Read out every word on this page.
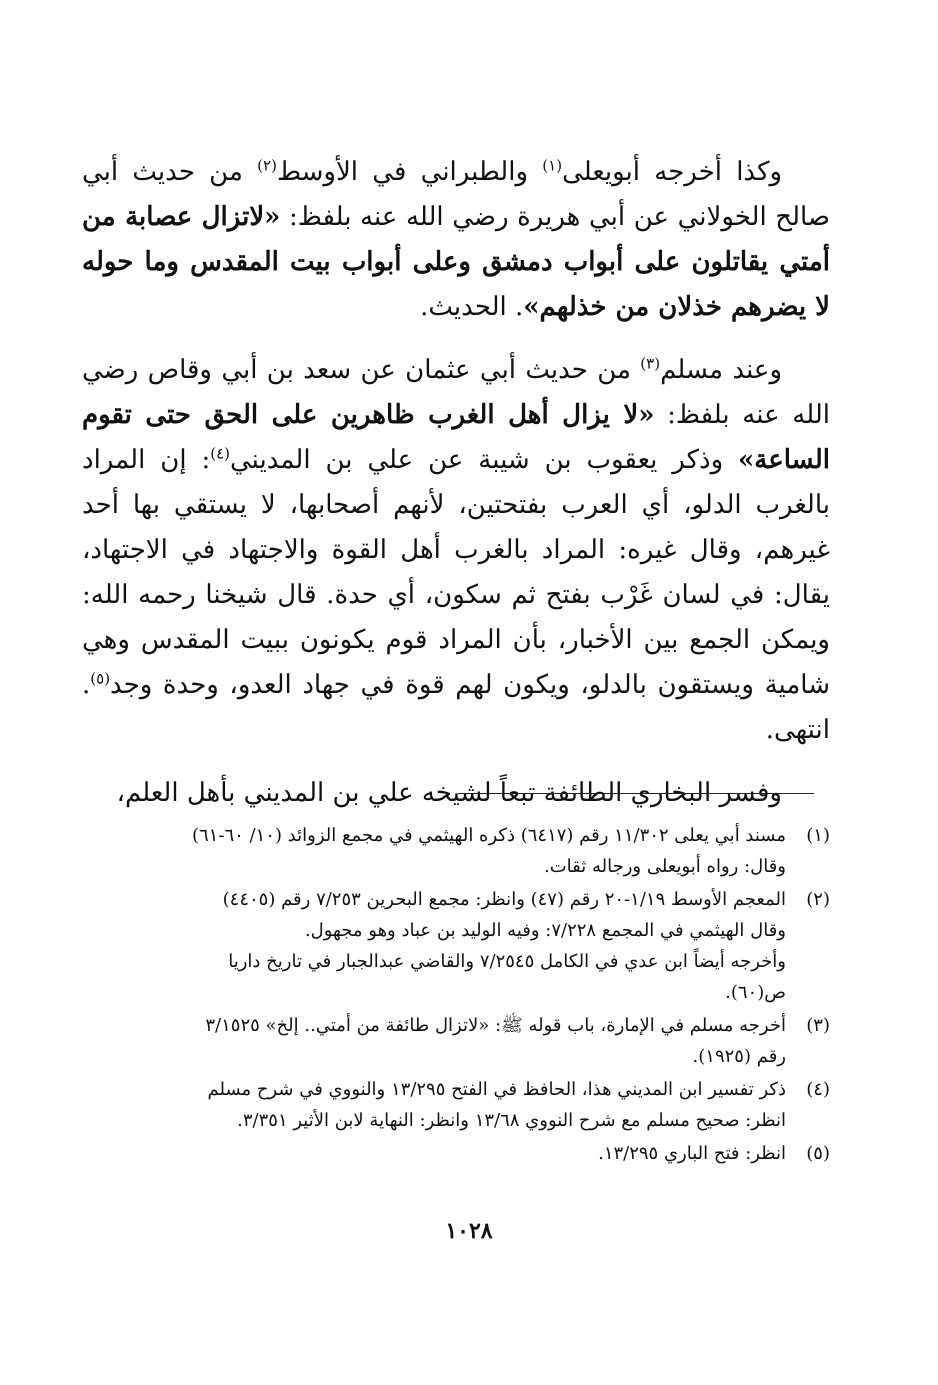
وكذا أخرجه أبويعلى$^{(١)}$ والطبراني في الأوسط$^{(٢)}$ من حديث أبي صالح الخولاني عن أبي هريرة رضي الله عنه بلفظ: «لاتزال عصابة من أمتي يقاتلون على أبواب دمشق وعلى أبواب بيت المقدس وما حوله لا يضرهم خذلان من خذلهم». الحديث.

وعند مسلم$^{(٣)}$ من حديث أبي عثمان عن سعد بن أبي وقاص رضي الله عنه بلفظ: «لا يزال أهل الغرب ظاهرين على الحق حتى تقوم الساعة» وذكر يعقوب بن شيبة عن علي بن المديني$^{(٤)}$: إن المراد بالغرب الدلو، أي العرب بفتحتين، لأنهم أصحابها، لا يستقي بها أحد غيرهم، وقال غيره: المراد بالغرب أهل القوة والاجتهاد في الاجتهاد، يقال: في لسان غَرْب بفتح ثم سكون، أي حدة. قال شيخنا رحمه الله: ويمكن الجمع بين الأخبار، بأن المراد قوم يكونون ببيت المقدس وهي شامية ويستقون بالدلو، ويكون لهم قوة في جهاد العدو، وحدة وجد$^{(٥)}$. انتهى.

وفسر البخاري الطائفة تبعاً لشيخه علي بن المديني بأهل العلم،

(١)
مسند أبي يعلى ١١/٣٠٢ رقم (٦٤١٧) ذكره الهيثمي في مجمع الزوائد (١٠/ ٦٠-٦١)
وقال: رواه أبويعلى ورجاله ثقات.
(٢)
المعجم الأوسط ١/١٩-٢٠ رقم (٤٧) وانظر: مجمع البحرين ٧/٢٥٣ رقم (٤٤٠٥)
وقال الهيثمي في المجمع ٧/٢٢٨: وفيه الوليد بن عباد وهو مجهول.
وأخرجه أيضاً ابن عدي في الكامل ٧/٢٥٤٥ والقاضي عبدالجبار في تاريخ داريا
ص(٦٠).
(٣)
أخرجه مسلم في الإمارة، باب قوله ﷺ: «لاتزال طائفة من أمتي.. إلخ» ٣/١٥٢٥
رقم (١٩٢٥).
(٤)
ذكر تفسير ابن المديني هذا، الحافظ في الفتح ١٣/٢٩٥ والنووي في شرح مسلم
انظر: صحيح مسلم مع شرح النووي ١٣/٦٨ وانظر: النهاية لابن الأثير ٣/٣٥١.
(٥)
انظر: فتح الباري ١٣/٢٩٥.
١٠٢٨
